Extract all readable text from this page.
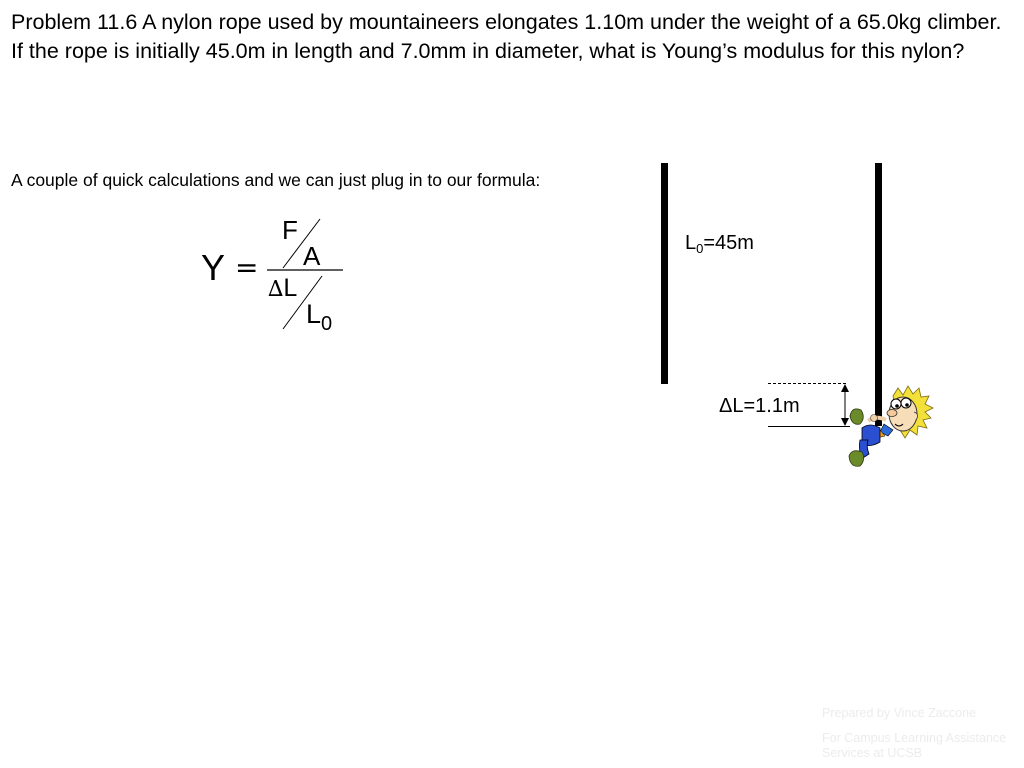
Problem 11.6 A nylon rope used by mountaineers elongates 1.10m under the weight of a 65.0kg climber. If the rope is initially 45.0m in length and 7.0mm in diameter, what is Young’s modulus for this nylon?

A couple of quick calculations and we can just plug in to our formula:

Y =
F
A
∆L
$L_0$
$L_0=45m$
ΔL=1.1m
Prepared by Vince Zaccone
For Campus Learning Assistance Services at UCSB
